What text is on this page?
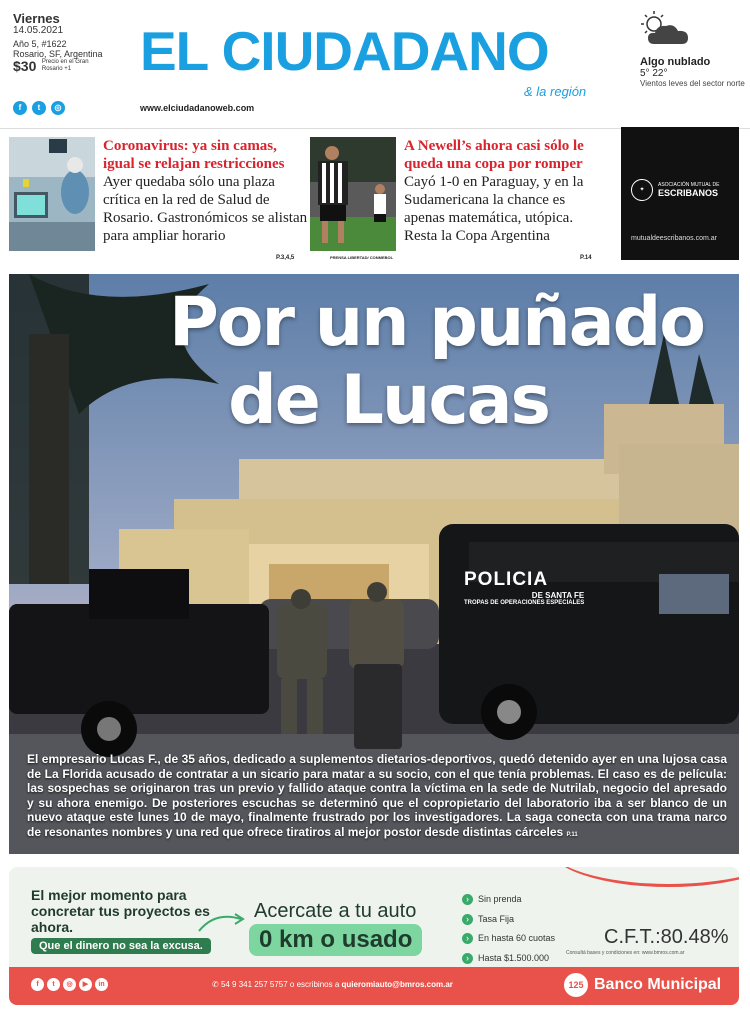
Viernes
14.05.2021
Año 5, #1622
Rosario, SF, Argentina
$30 Precio en el Gran Rosario +1
f	t	◎
EL CIUDADANO
& la región
www.elciudadanoweb.com
Algo nublado
5° 22°
Vientos leves del sector norte
Coronavirus: ya sin camas, igual se relajan restricciones
Ayer quedaba sólo una plaza crítica en la red de Salud de Rosario. Gastronómicos se alistan para ampliar horario
P.3,4,5	PRENSA LIBERTAD/ CONMEBOL
A Newell’s ahora casi sólo le queda una copa por romper
Cayó 1-0 en Paraguay, y en la Sudamericana la chance es apenas matemática, utópica. Resta la Copa Argentina
P.14
✦
ASOCIACIÓN MUTUAL DE
ESCRIBANOS
mutualdeescribanos.com.ar
POLICIA
DE SANTA FE
TROPAS DE OPERACIONES ESPECIALES
Por un puñado
de Lucas
El empresario Lucas F., de 35 años, dedicado a suplementos dietarios-deportivos, quedó detenido ayer en una lujosa casa de La Florida acusado de contratar a un sicario para matar a su socio, con el que tenía problemas. El caso es de película: las sospechas se originaron tras un previo y fallido ataque contra la víctima en la sede de Nutrilab, negocio del apresado y su ahora enemigo. De posteriores escuchas se determinó que el copropietario del laboratorio iba a ser blanco de un nuevo ataque este lunes 10 de mayo, finalmente frustrado por los investigadores. La saga conecta con una trama narco de resonantes nombres y una red que ofrece tiratiros al mejor postor desde distintas cárceles P.11
El mejor momento para concretar tus proyectos es ahora.
Que el dinero no sea la excusa.
Acercate a tu auto
0 km o usado
› Sin prenda
› Tasa Fija
› En hasta 60 cuotas
› Hasta $1.500.000
C.F.T.:80.48%
Consultá bases y condiciones en: www.bmros.com.ar
f	t	◎	▶	in	✆ 54 9 341 257 5757 o escribinos a quieromiauto@bmros.com.ar	125 Banco Municipal
